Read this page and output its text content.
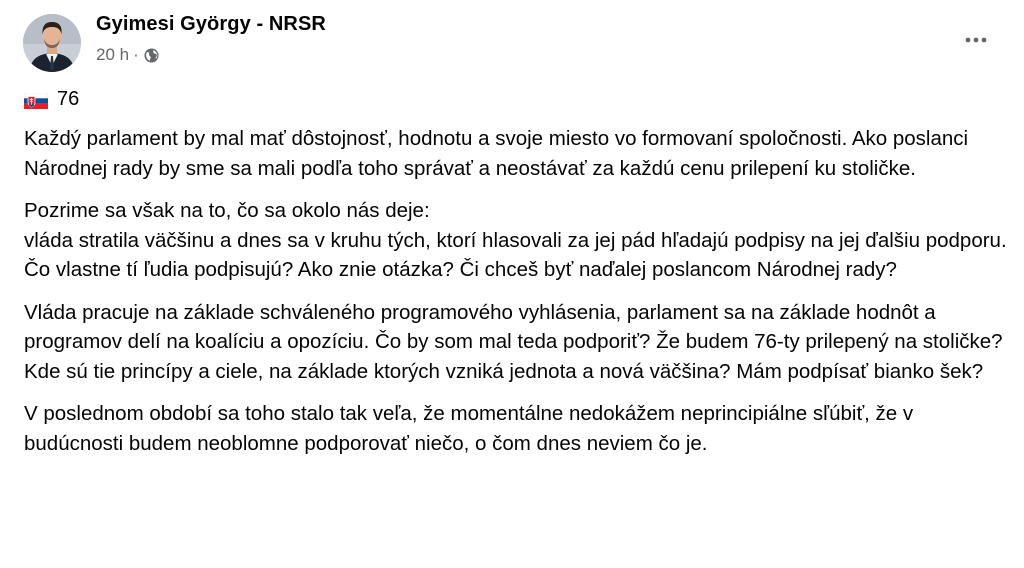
Gyimesi György - NRSR
20 h ·
76

Každý parlament by mal mať dôstojnosť, hodnotu a svoje miesto vo formovaní spoločnosti. Ako poslanci Národnej rady by sme sa mali podľa toho správať a neostávať za každú cenu prilepení ku stoličke.

Pozrime sa však na to, čo sa okolo nás deje:
vláda stratila väčšinu a dnes sa v kruhu tých, ktorí hlasovali za jej pád hľadajú podpisy na jej ďalšiu podporu. Čo vlastne tí ľudia podpisujú? Ako znie otázka? Či chceš byť naďalej poslancom Národnej rady?

Vláda pracuje na základe schváleného programového vyhlásenia, parlament sa na základe hodnôt a programov delí na koalíciu a opozíciu. Čo by som mal teda podporiť? Že budem 76-ty prilepený na stoličke? Kde sú tie princípy a ciele, na základe ktorých vzniká jednota a nová väčšina? Mám podpísať bianko šek?

V poslednom období sa toho stalo tak veľa, že momentálne nedokážem neprincipiálne sľúbiť, že v budúcnosti budem neoblomne podporovať niečo, o čom dnes neviem čo je.
